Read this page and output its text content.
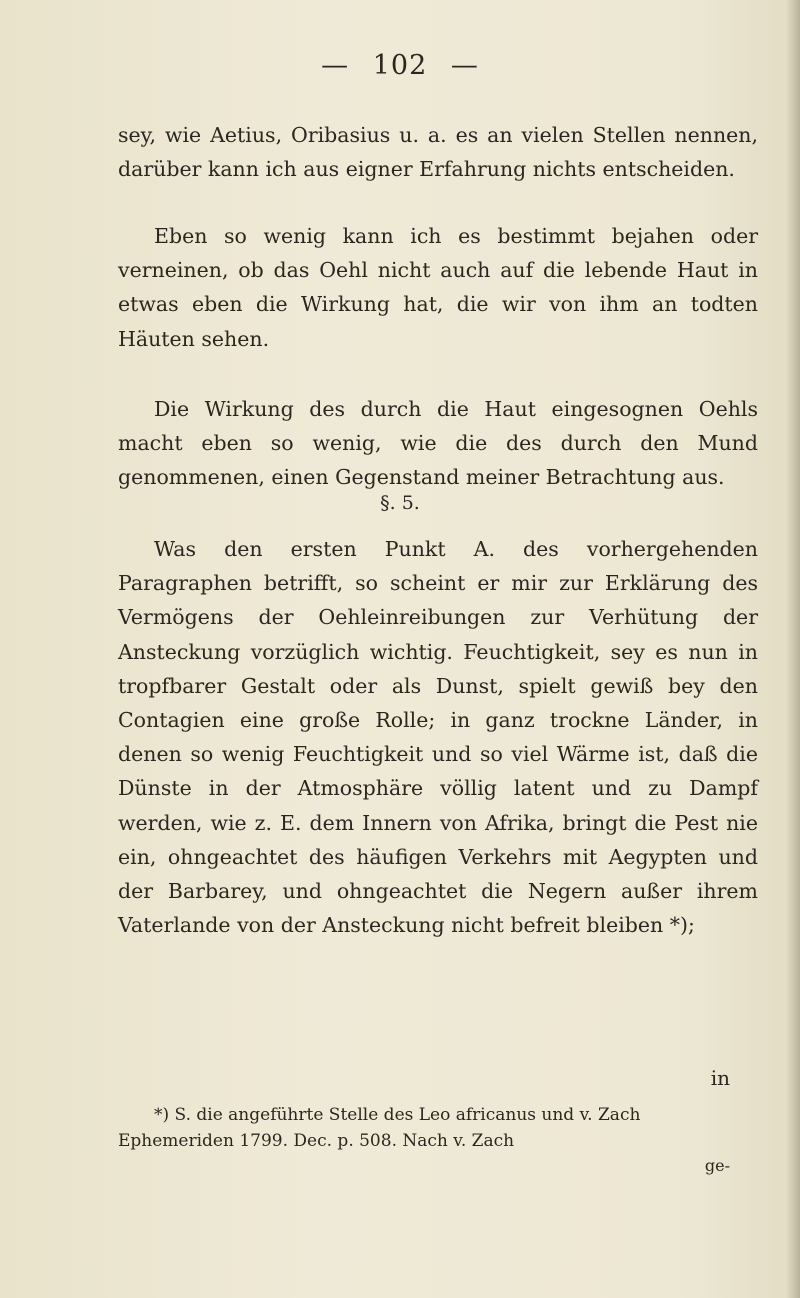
— 102 —

sey, wie Aetius, Oribasius u. a. es an vielen Stellen nennen, darüber kann ich aus eigner Erfahrung nichts entscheiden.

Eben so wenig kann ich es bestimmt bejahen oder verneinen, ob das Oehl nicht auch auf die lebende Haut in etwas eben die Wirkung hat, die wir von ihm an todten Häuten sehen.

Die Wirkung des durch die Haut eingesognen Oehls macht eben so wenig, wie die des durch den Mund genommenen, einen Gegenstand meiner Betrachtung aus.

§. 5.

Was den ersten Punkt A. des vorhergehenden Paragraphen betrifft, so scheint er mir zur Erklärung des Vermögens der Oehleinreibungen zur Verhütung der Ansteckung vorzüglich wichtig. Feuchtigkeit, sey es nun in tropfbarer Gestalt oder als Dunst, spielt gewiß bey den Contagien eine große Rolle; in ganz trockne Länder, in denen so wenig Feuchtigkeit und so viel Wärme ist, daß die Dünste in der Atmosphäre völlig latent und zu Dampf werden, wie z. E. dem Innern von Afrika, bringt die Pest nie ein, ohngeachtet des häufigen Verkehrs mit Aegypten und der Barbarey, und ohngeachtet die Negern außer ihrem Vaterlande von der Ansteckung nicht befreit bleiben *);

in

*) S. die angeführte Stelle des Leo africanus und v. Zach Ephemeriden 1799. Dec. p. 508. Nach v. Zach

ge-
